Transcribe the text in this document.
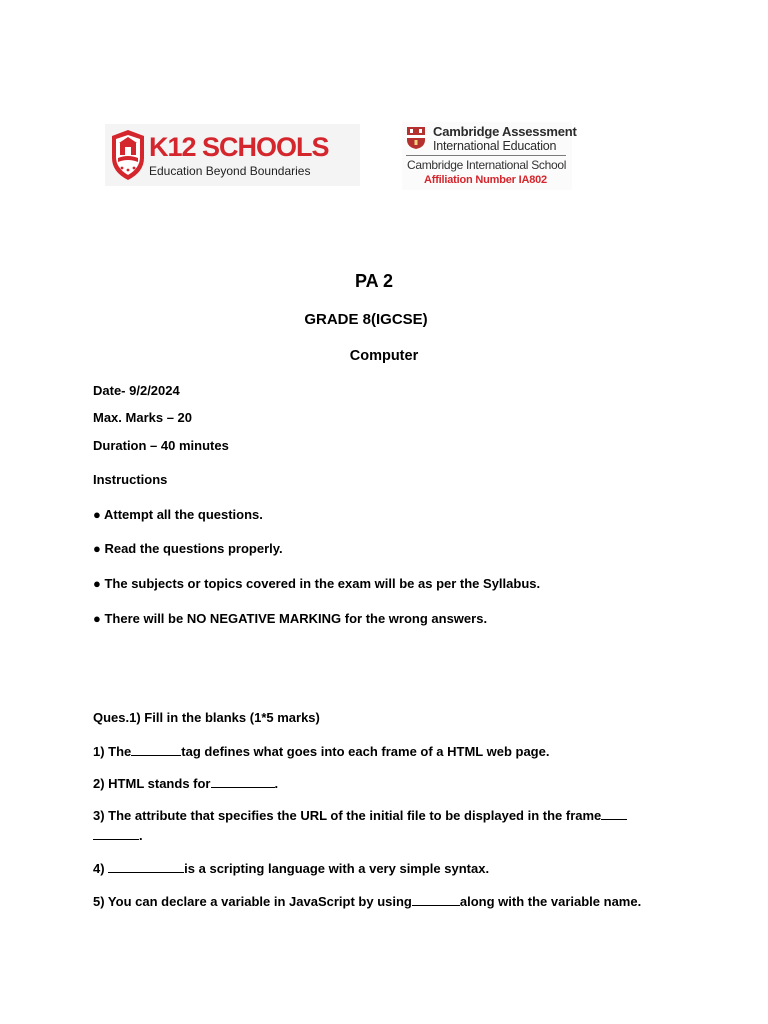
K12 SCHOOLS
Education Beyond Boundaries
Cambridge Assessment
International Education
Cambridge International School
Affiliation Number IA802
PA 2
GRADE 8(IGCSE)
Computer
Date- 9/2/2024
Max. Marks – 20
Duration – 40 minutes
Instructions
● Attempt all the questions.
● Read the questions properly.
● The subjects or topics covered in the exam will be as per the Syllabus.
● There will be NO NEGATIVE MARKING for the wrong answers.
Ques.1) Fill in the blanks (1*5 marks)
1) The	tag defines what goes into each frame of a HTML web page.
2) HTML stands for	.
3) The attribute that specifies the URL of the initial file to be displayed in the frame
.
4)	is a scripting language with a very simple syntax.
5) You can declare a variable in JavaScript by using	along with the variable name.
